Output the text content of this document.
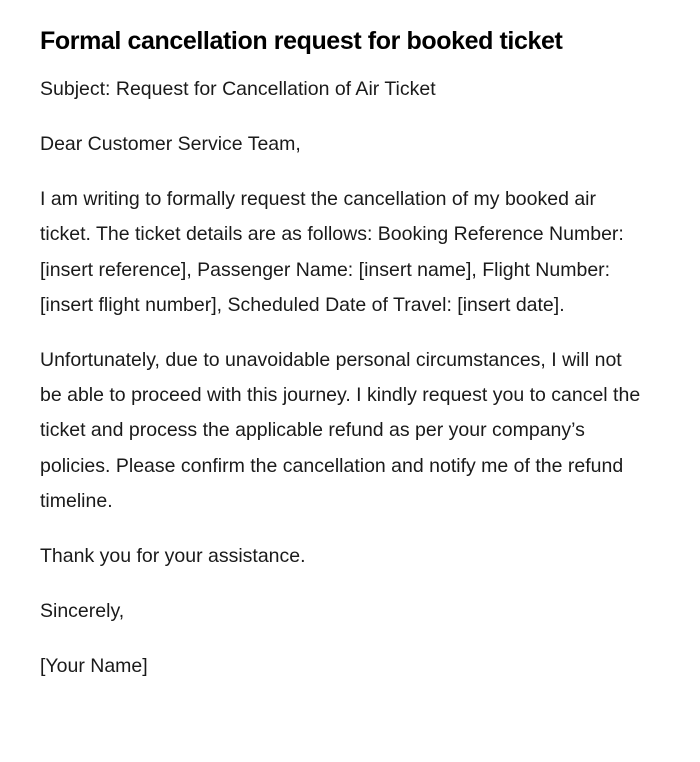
Formal cancellation request for booked ticket

Subject: Request for Cancellation of Air Ticket

Dear Customer Service Team,

I am writing to formally request the cancellation of my booked air ticket. The ticket details are as follows: Booking Reference Number: [insert reference], Passenger Name: [insert name], Flight Number: [insert flight number], Scheduled Date of Travel: [insert date].

Unfortunately, due to unavoidable personal circumstances, I will not be able to proceed with this journey. I kindly request you to cancel the ticket and process the applicable refund as per your company’s policies. Please confirm the cancellation and notify me of the refund timeline.

Thank you for your assistance.

Sincerely,

[Your Name]
